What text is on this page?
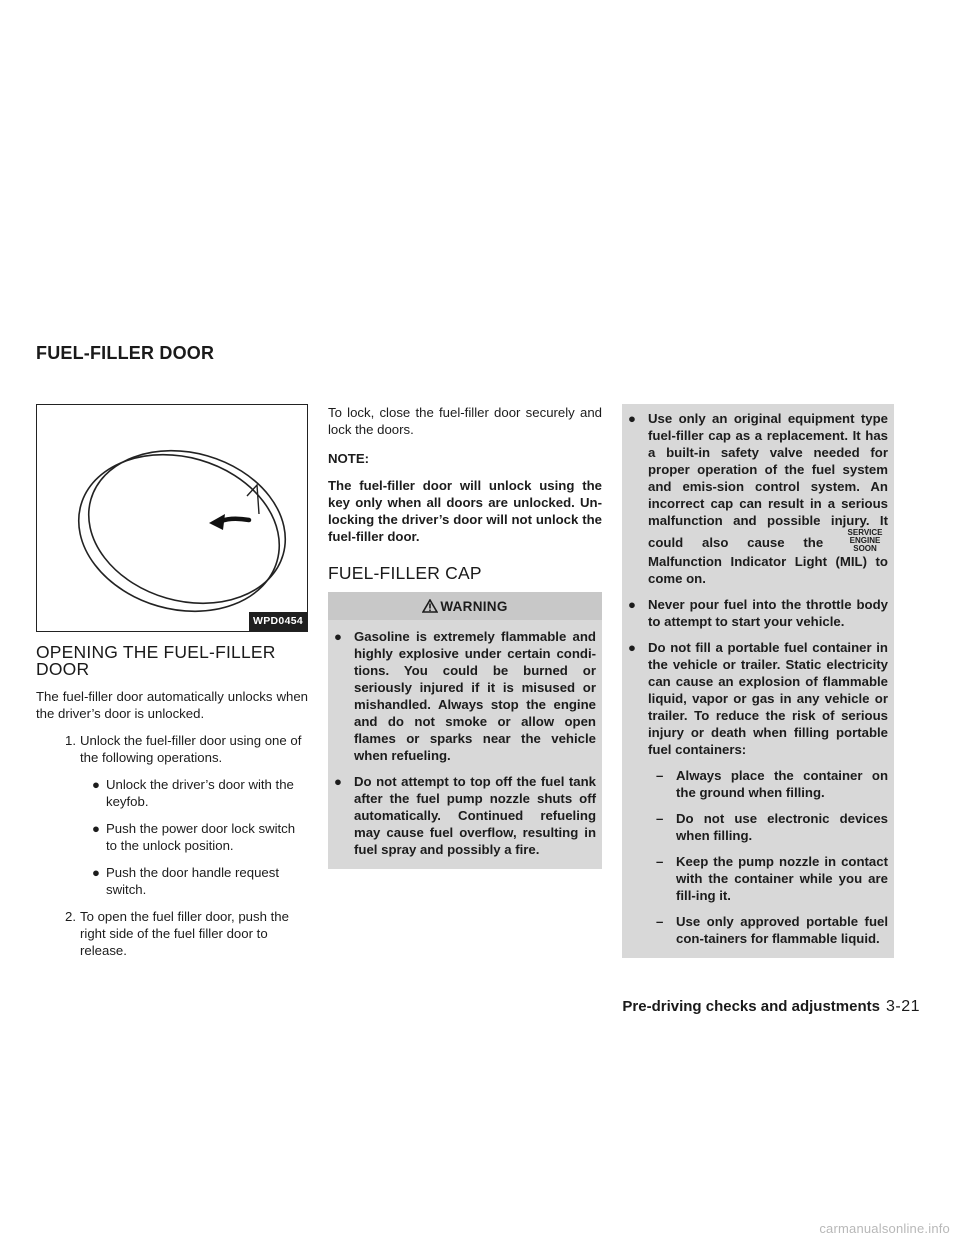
FUEL-FILLER DOOR
WPD0454
OPENING THE FUEL-FILLER DOOR

The fuel-filler door automatically unlocks when the driver’s door is unlocked.

1. Unlock the fuel-filler door using one of the following operations.
● Unlock the driver’s door with the keyfob.
● Push the power door lock switch to the unlock position.
● Push the door handle request switch.
2. To open the fuel filler door, push the right side of the fuel filler door to release.

To lock, close the fuel-filler door securely and lock the doors.

NOTE:

The fuel-filler door will unlock using the key only when all doors are unlocked. Un-locking the driver’s door will not unlock the fuel-filler door.

FUEL-FILLER CAP
WARNING
● Gasoline is extremely flammable and highly explosive under certain condi-tions. You could be burned or seriously injured if it is misused or mishandled. Always stop the engine and do not smoke or allow open flames or sparks near the vehicle when refueling.
● Do not attempt to top off the fuel tank after the fuel pump nozzle shuts off automatically. Continued refueling may cause fuel overflow, resulting in fuel spray and possibly a fire.
● Use only an original equipment type fuel-filler cap as a replacement. It has a built-in safety valve needed for proper operation of the fuel system and emis-sion control system. An incorrect cap can result in a serious malfunction and possible injury. It could also cause the
SERVICE
ENGINE
SOON
Malfunction Indicator Light (MIL) to come on.
● Never pour fuel into the throttle body to attempt to start your vehicle.
● Do not fill a portable fuel container in the vehicle or trailer. Static electricity can cause an explosion of flammable liquid, vapor or gas in any vehicle or trailer. To reduce the risk of serious injury or death when filling portable fuel containers:
– Always place the container on the ground when filling.
– Do not use electronic devices when filling.
– Keep the pump nozzle in contact with the container while you are fill-ing it.
– Use only approved portable fuel con-tainers for flammable liquid.
Pre-driving checks and adjustments 3-21
carmanualsonline.info
